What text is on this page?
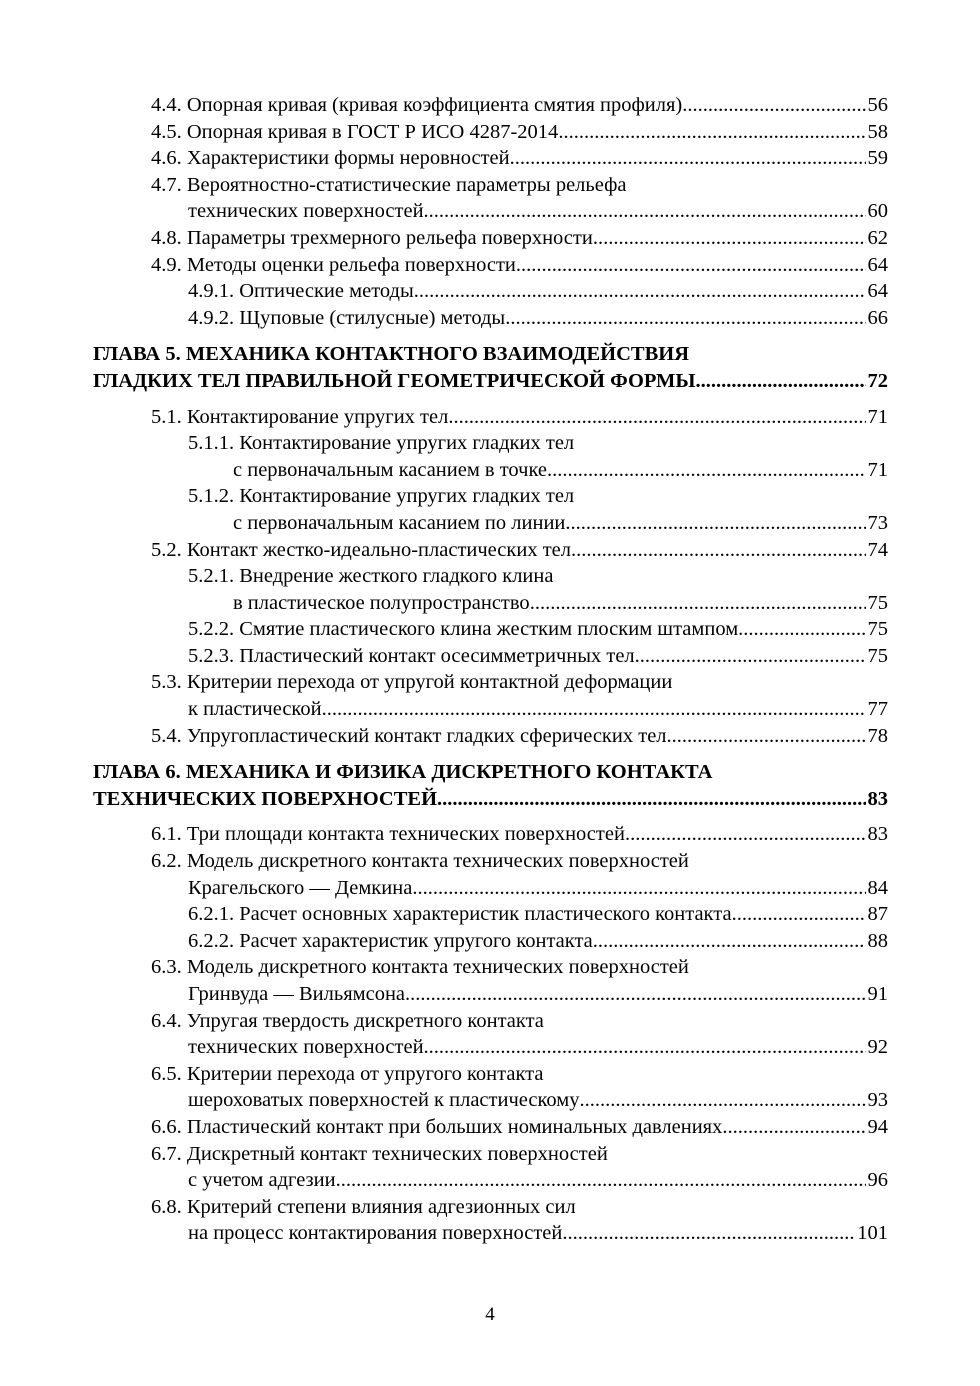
4.4. Опорная кривая (кривая коэффициента смятия профиля) .....	56
4.5. Опорная кривая в ГОСТ Р ИСО 4287-2014 .....	58
4.6. Характеристики формы неровностей .....	59
4.7. Вероятностно-статистические параметры рельефа
технических поверхностей .....	60
4.8. Параметры трехмерного рельефа поверхности .....	62
4.9. Методы оценки рельефа поверхности .....	64
4.9.1. Оптические методы .....	64
4.9.2. Щуповые (стилусные) методы .....	66
ГЛАВА 5. МЕХАНИКА КОНТАКТНОГО ВЗАИМОДЕЙСТВИЯ
ГЛАДКИХ ТЕЛ ПРАВИЛЬНОЙ ГЕОМЕТРИЧЕСКОЙ ФОРМЫ .....	72
5.1. Контактирование упругих тел .....	71
5.1.1. Контактирование упругих гладких тел
с первоначальным касанием в точке .....	71
5.1.2. Контактирование упругих гладких тел
с первоначальным касанием по линии .....	73
5.2. Контакт жестко-идеально-пластических тел .....	74
5.2.1. Внедрение жесткого гладкого клина
в пластическое полупространство .....	75
5.2.2. Смятие пластического клина жестким плоским штампом .....	75
5.2.3. Пластический контакт осесимметричных тел .....	75
5.3. Критерии перехода от упругой контактной деформации
к пластической .....	77
5.4. Упругопластический контакт гладких сферических тел .....	78
ГЛАВА 6. МЕХАНИКА И ФИЗИКА ДИСКРЕТНОГО КОНТАКТА
ТЕХНИЧЕСКИХ ПОВЕРХНОСТЕЙ .....	83
6.1. Три площади контакта технических поверхностей .....	83
6.2. Модель дискретного контакта технических поверхностей
Крагельского — Демкина .....	84
6.2.1. Расчет основных характеристик пластического контакта .....	87
6.2.2. Расчет характеристик упругого контакта .....	88
6.3. Модель дискретного контакта технических поверхностей
Гринвуда — Вильямсона .....	91
6.4. Упругая твердость дискретного контакта
технических поверхностей .....	92
6.5. Критерии перехода от упругого контакта
шероховатых поверхностей к пластическому .....	93
6.6. Пластический контакт при больших номинальных давлениях .....	94
6.7. Дискретный контакт технических поверхностей
с учетом адгезии .....	96
6.8. Критерий степени влияния адгезионных сил
на процесс контактирования поверхностей .....	101
4
